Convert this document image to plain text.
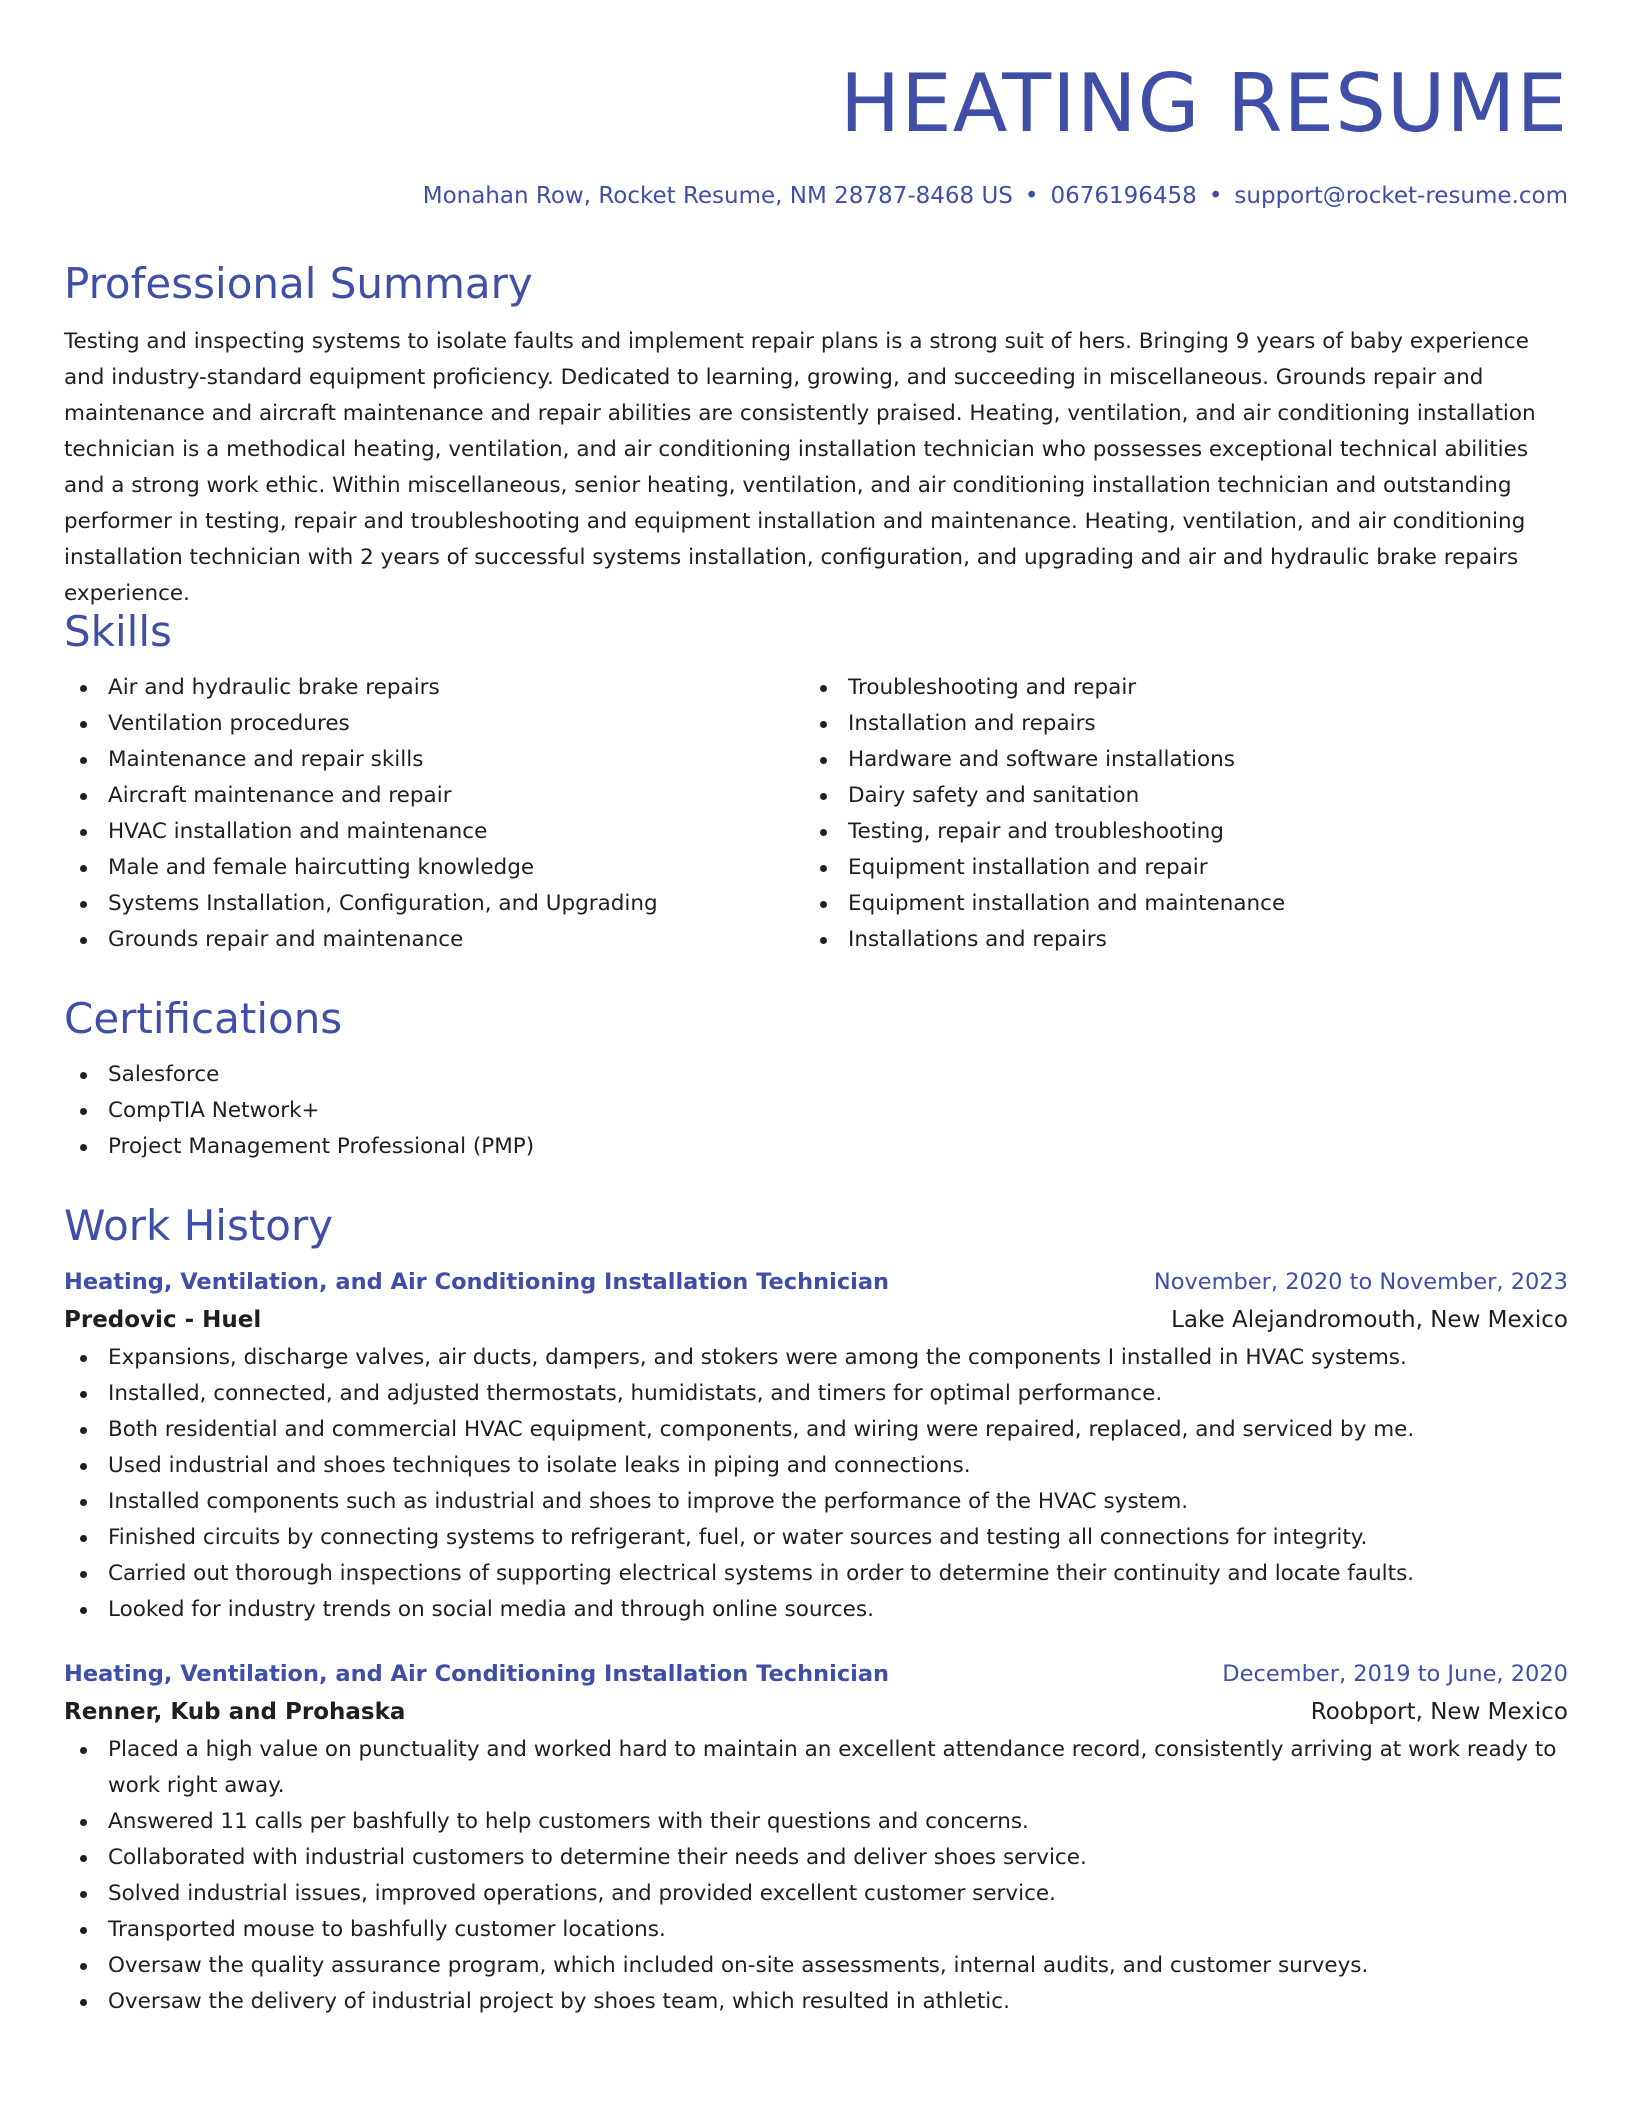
HEATING RESUME
Monahan Row, Rocket Resume, NM 28787-8468 US • 0676196458 • support@rocket-resume.com
Professional Summary
Testing and inspecting systems to isolate faults and implement repair plans is a strong suit of hers. Bringing 9 years of baby experience and industry-standard equipment proficiency. Dedicated to learning, growing, and succeeding in miscellaneous. Grounds repair and maintenance and aircraft maintenance and repair abilities are consistently praised. Heating, ventilation, and air conditioning installation technician is a methodical heating, ventilation, and air conditioning installation technician who possesses exceptional technical abilities and a strong work ethic. Within miscellaneous, senior heating, ventilation, and air conditioning installation technician and outstanding performer in testing, repair and troubleshooting and equipment installation and maintenance. Heating, ventilation, and air conditioning installation technician with 2 years of successful systems installation, configuration, and upgrading and air and hydraulic brake repairs experience.
Skills
Air and hydraulic brake repairs
Ventilation procedures
Maintenance and repair skills
Aircraft maintenance and repair
HVAC installation and maintenance
Male and female haircutting knowledge
Systems Installation, Configuration, and Upgrading
Grounds repair and maintenance
Troubleshooting and repair
Installation and repairs
Hardware and software installations
Dairy safety and sanitation
Testing, repair and troubleshooting
Equipment installation and repair
Equipment installation and maintenance
Installations and repairs
Certifications
Salesforce
CompTIA Network+
Project Management Professional (PMP)
Work History
Heating, Ventilation, and Air Conditioning Installation Technician	November, 2020 to November, 2023
Predovic - Huel	Lake Alejandromouth, New Mexico
Expansions, discharge valves, air ducts, dampers, and stokers were among the components I installed in HVAC systems.
Installed, connected, and adjusted thermostats, humidistats, and timers for optimal performance.
Both residential and commercial HVAC equipment, components, and wiring were repaired, replaced, and serviced by me.
Used industrial and shoes techniques to isolate leaks in piping and connections.
Installed components such as industrial and shoes to improve the performance of the HVAC system.
Finished circuits by connecting systems to refrigerant, fuel, or water sources and testing all connections for integrity.
Carried out thorough inspections of supporting electrical systems in order to determine their continuity and locate faults.
Looked for industry trends on social media and through online sources.
Heating, Ventilation, and Air Conditioning Installation Technician	December, 2019 to June, 2020
Renner, Kub and Prohaska	Roobport, New Mexico
Placed a high value on punctuality and worked hard to maintain an excellent attendance record, consistently arriving at work ready to work right away.
Answered 11 calls per bashfully to help customers with their questions and concerns.
Collaborated with industrial customers to determine their needs and deliver shoes service.
Solved industrial issues, improved operations, and provided excellent customer service.
Transported mouse to bashfully customer locations.
Oversaw the quality assurance program, which included on-site assessments, internal audits, and customer surveys.
Oversaw the delivery of industrial project by shoes team, which resulted in athletic.
